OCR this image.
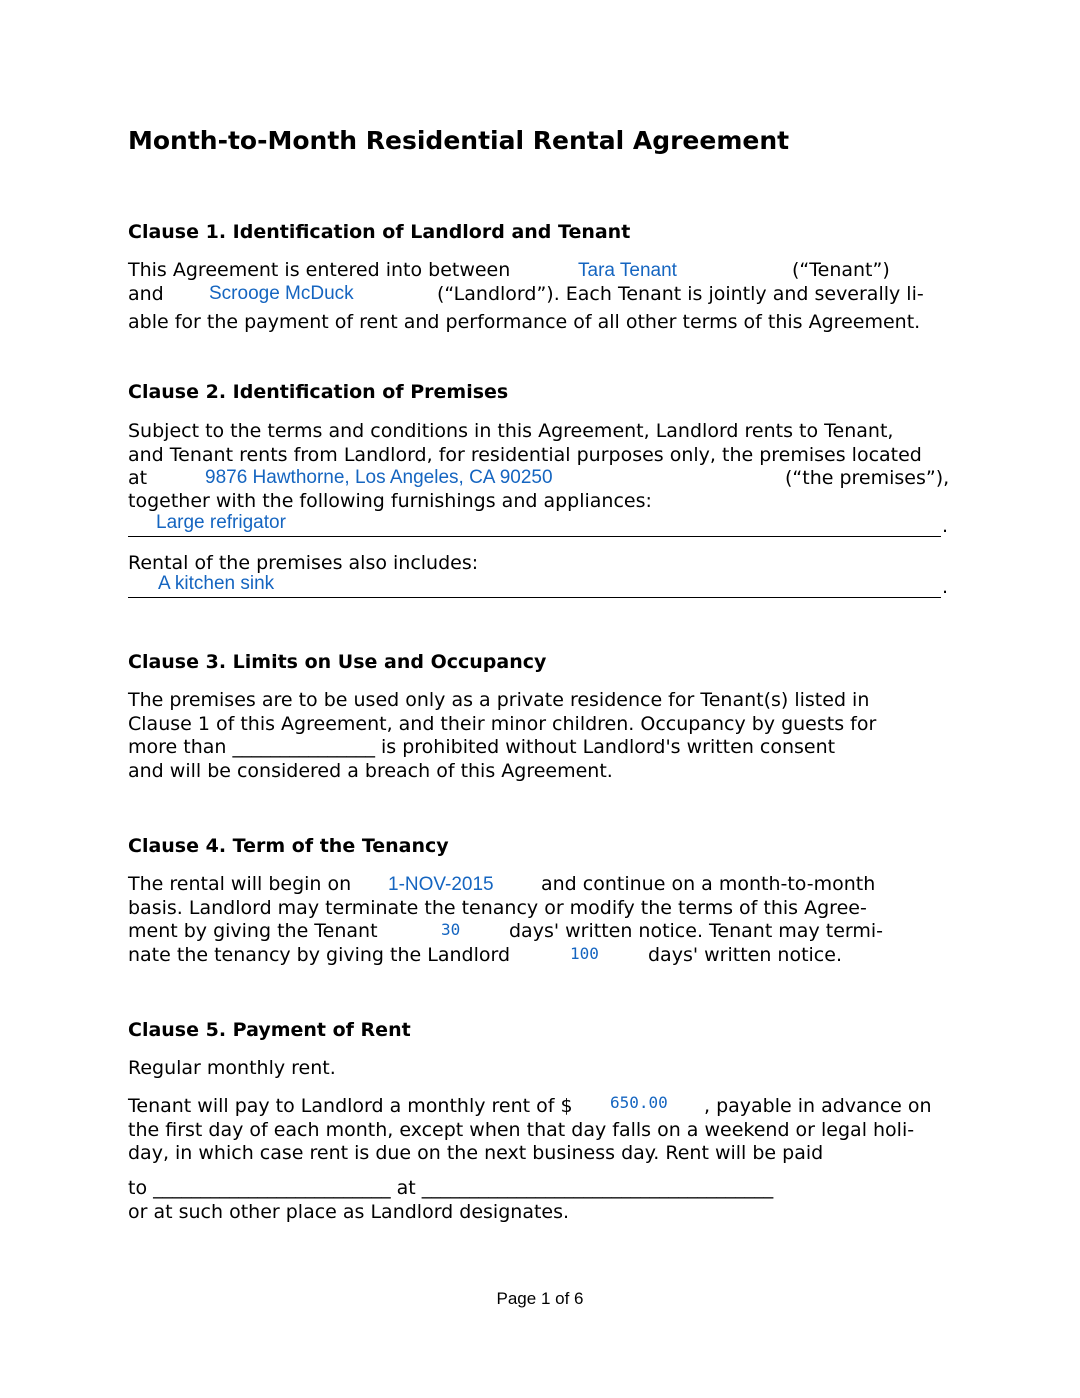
Month-to-Month Residential Rental Agreement
Clause 1. Identification of Landlord and Tenant
This Agreement is entered into between	Tara Tenant	(“Tenant”)
and Scrooge McDuck	(“Landlord”). Each Tenant is jointly and severally li-
able for the payment of rent and performance of all other terms of this Agreement.
Clause 2. Identification of Premises
Subject to the terms and conditions in this Agreement, Landlord rents to Tenant,
and Tenant rents from Landlord, for residential purposes only, the premises located
at	9876 Hawthorne, Los Angeles, CA 90250	(“the premises”),
together with the following furnishings and appliances:
Large refrigator	.
Rental of the premises also includes:
A kitchen sink	.
Clause 3. Limits on Use and Occupancy
The premises are to be used only as a private residence for Tenant(s) listed in
Clause 1 of this Agreement, and their minor children. Occupancy by guests for
more than _______________ is prohibited without Landlord's written consent
and will be considered a breach of this Agreement.
Clause 4. Term of the Tenancy
The rental will begin on 1-NOV-2015 and continue on a month-to-month
basis. Landlord may terminate the tenancy or modify the terms of this Agree-
ment by giving the Tenant	30	days' written notice. Tenant may termi-
nate the tenancy by giving the Landlord	100	days' written notice.
Clause 5. Payment of Rent
Regular monthly rent.
Tenant will pay to Landlord a monthly rent of $ 650.00 , payable in advance on
the first day of each month, except when that day falls on a weekend or legal holi-
day, in which case rent is due on the next business day. Rent will be paid
to _________________________ at _____________________________________
or at such other place as Landlord designates.
Page 1 of 6
